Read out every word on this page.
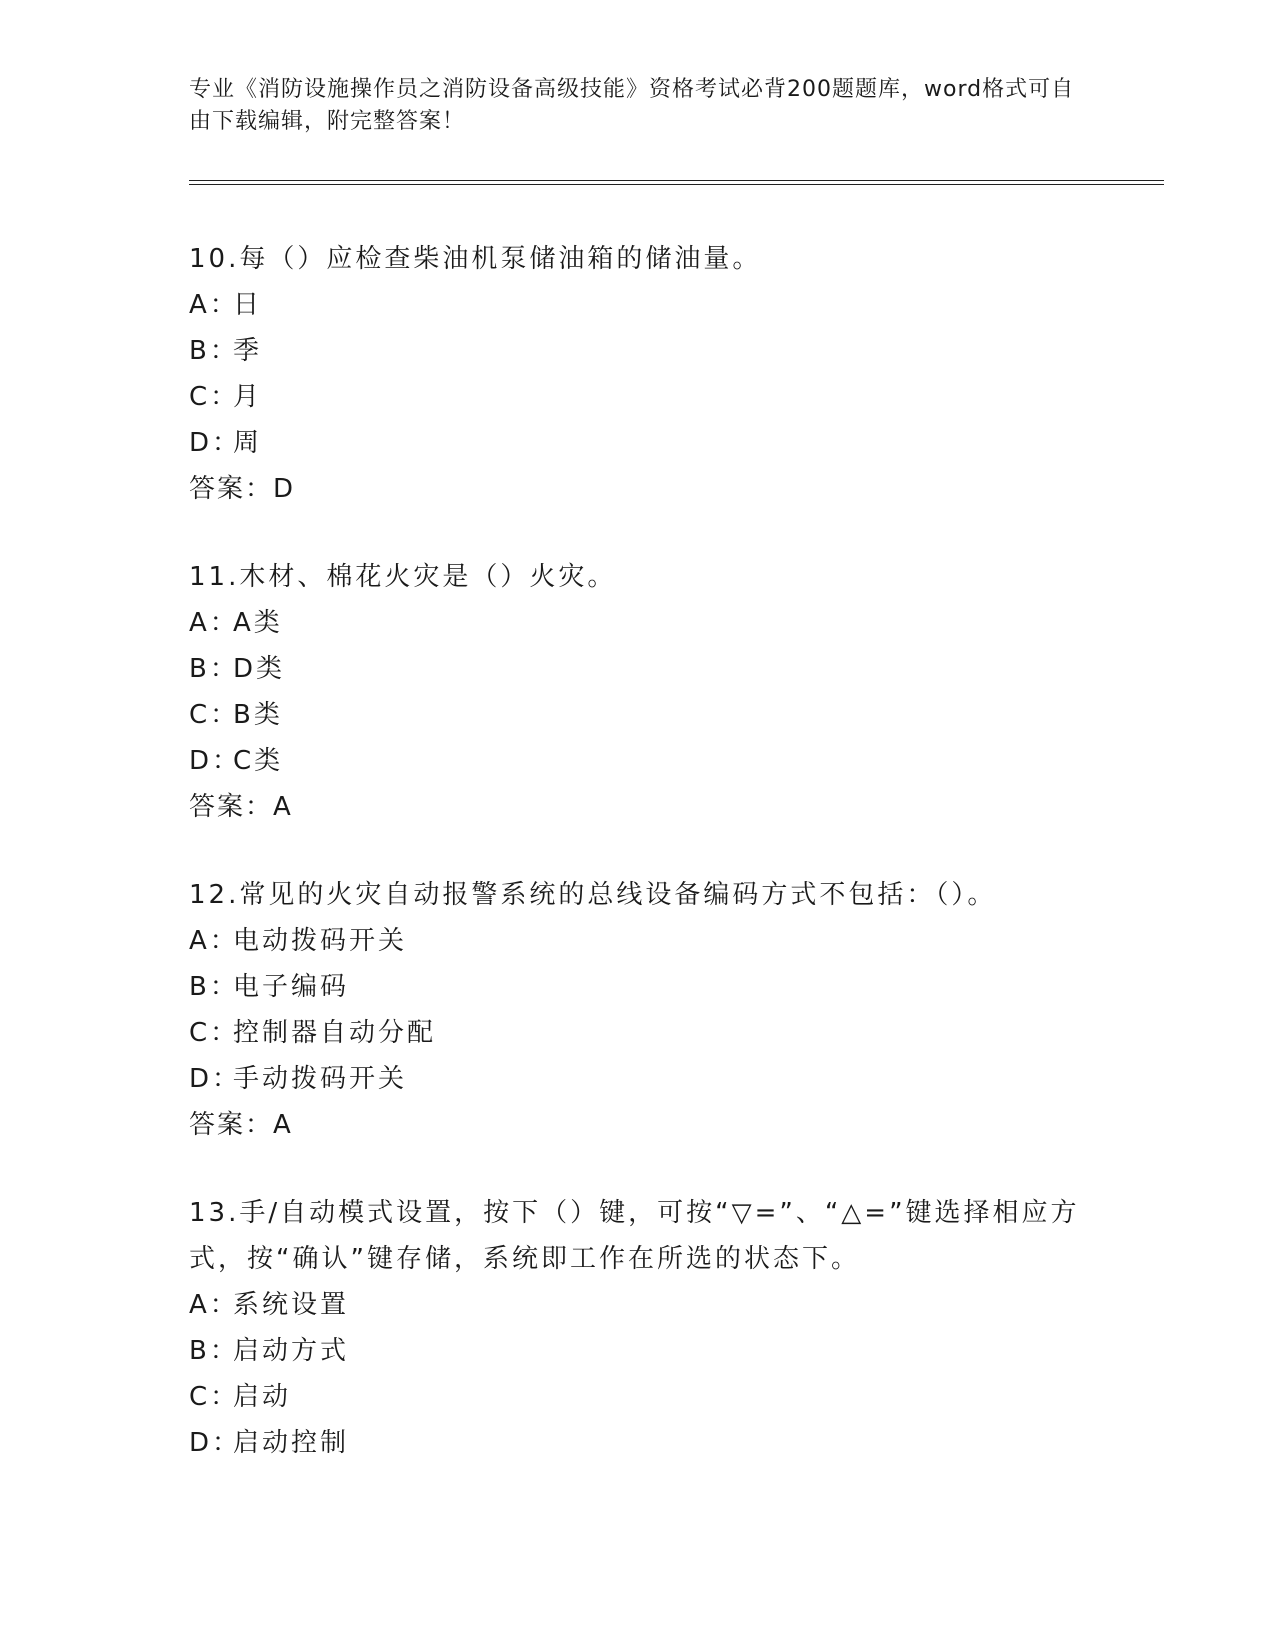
专业《消防设施操作员之消防设备高级技能》资格考试必背200题题库，word格式可自由下载编辑，附完整答案！
10.每（）应检查柴油机泵储油箱的储油量。
A：
日
B：
季
C：
月
D：
周
答案：D
11.木材、棉花火灾是（）火灾。
A：
A类
B：
D类
C：
B类
D：
C类
答案：A
12.常见的火灾自动报警系统的总线设备编码方式不包括：（）。
A：
电动拨码开关
B：
电子编码
C：
控制器自动分配
D：
手动拨码开关
答案：A
13.手/自动模式设置，按下（）键，可按“▽=”、“△=”键选择相应方式，按“确认”键存储，系统即工作在所选的状态下。
A：
系统设置
B：
启动方式
C：
启动
D：
启动控制
